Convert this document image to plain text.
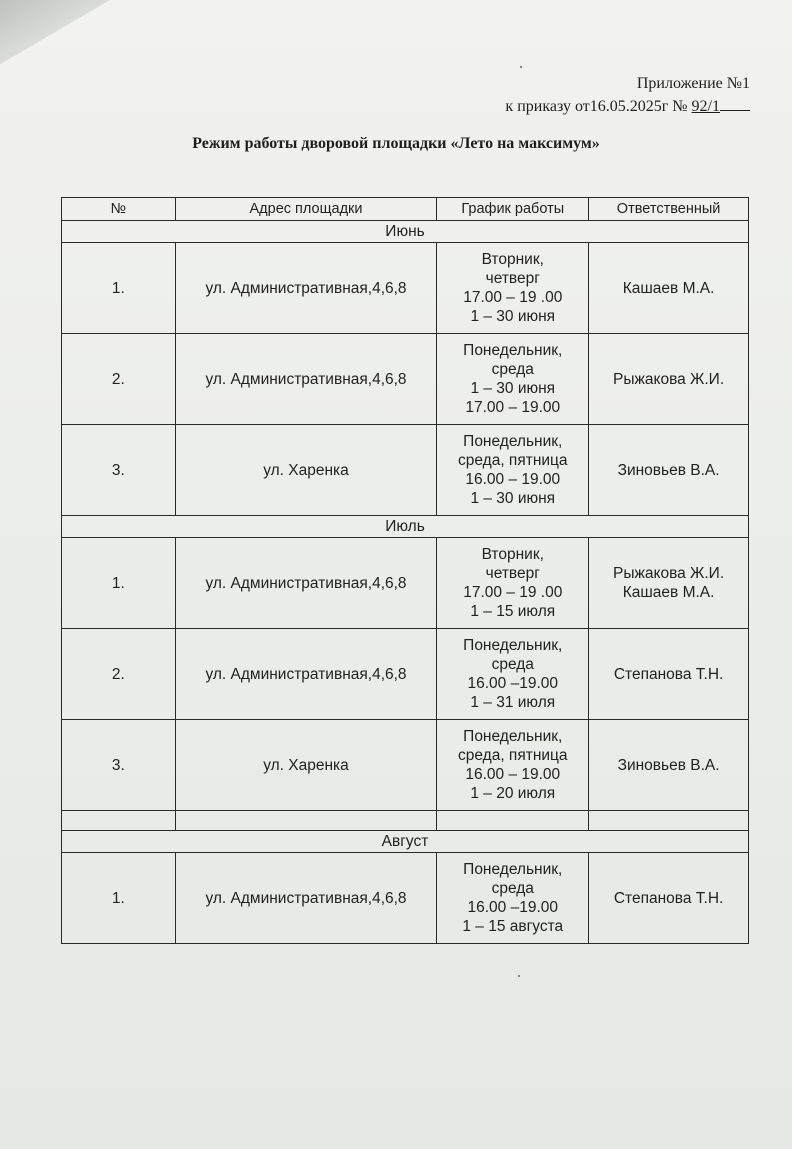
Приложение №1
к приказу от16.05.2025г № 92/1
Режим работы дворовой площадки «Лето на максимум»
№	Адрес площадки	График работы	Ответственный
Июнь			
1.	ул. Административная,4,6,8	Вторник,
четверг
17.00 – 19 .00
1 – 30 июня	Кашаев М.А.

2.	ул. Административная,4,6,8	Понедельник,
среда
1 – 30 июня
17.00 – 19.00	Рыжакова Ж.И.

3.	ул. Харенка	Понедельник,
среда, пятница
16.00 – 19.00
1 – 30 июня	Зиновьев В.А.

Июль			
1.	ул. Административная,4,6,8	Вторник,
четверг
17.00 – 19 .00
1 – 15 июля	Рыжакова Ж.И.
Кашаев М.А.

2.	ул. Административная,4,6,8	Понедельник,
среда
16.00 –19.00
1 – 31 июля	Степанова Т.Н.

3.	ул. Харенка	Понедельник,
среда, пятница
16.00 – 19.00
1 – 20 июля	Зиновьев В.А.

Август			
1.	ул. Административная,4,6,8	Понедельник,
среда
16.00 –19.00
1 – 15 августа	Степанова Т.Н.
